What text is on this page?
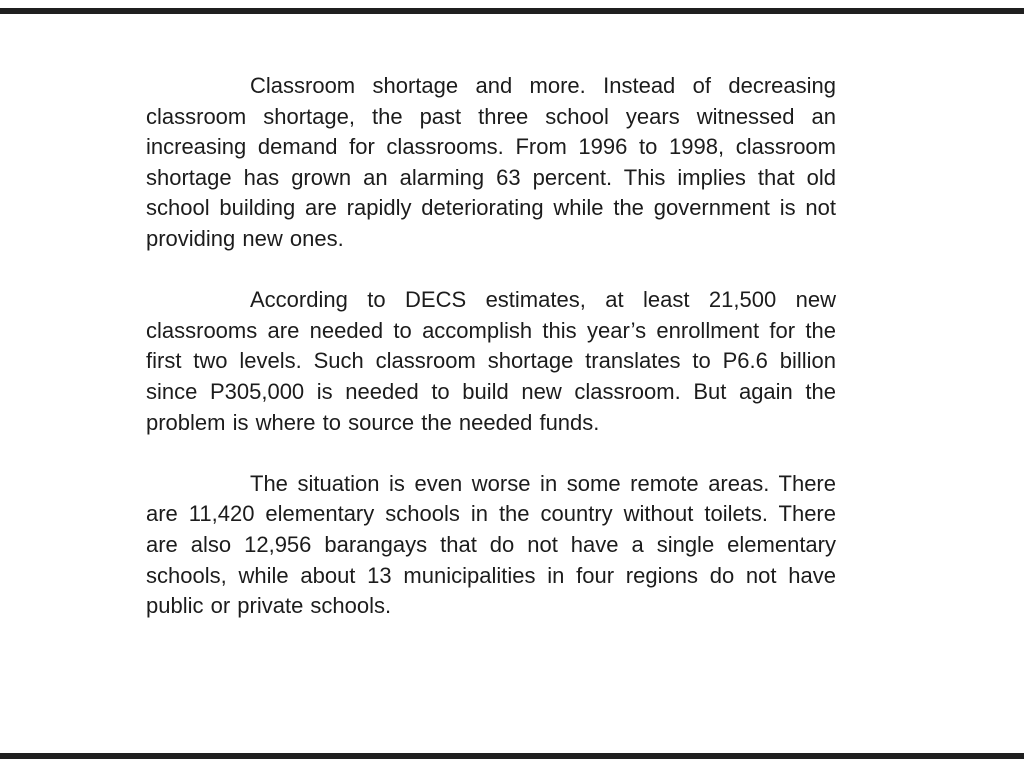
Classroom shortage and more. Instead of decreasing classroom shortage, the past three school years witnessed an increasing demand for classrooms. From 1996 to 1998, classroom shortage has grown an alarming 63 percent. This implies that old school building are rapidly deteriorating while the government is not providing new ones.

According to DECS estimates, at least 21,500 new classrooms are needed to accomplish this year’s enrollment for the first two levels. Such classroom shortage translates to P6.6 billion since P305,000 is needed to build new classroom. But again the problem is where to source the needed funds.

The situation is even worse in some remote areas. There are 11,420 elementary schools in the country without toilets. There are also 12,956 barangays that do not have a single elementary schools, while about 13 municipalities in four regions do not have public or private schools.
